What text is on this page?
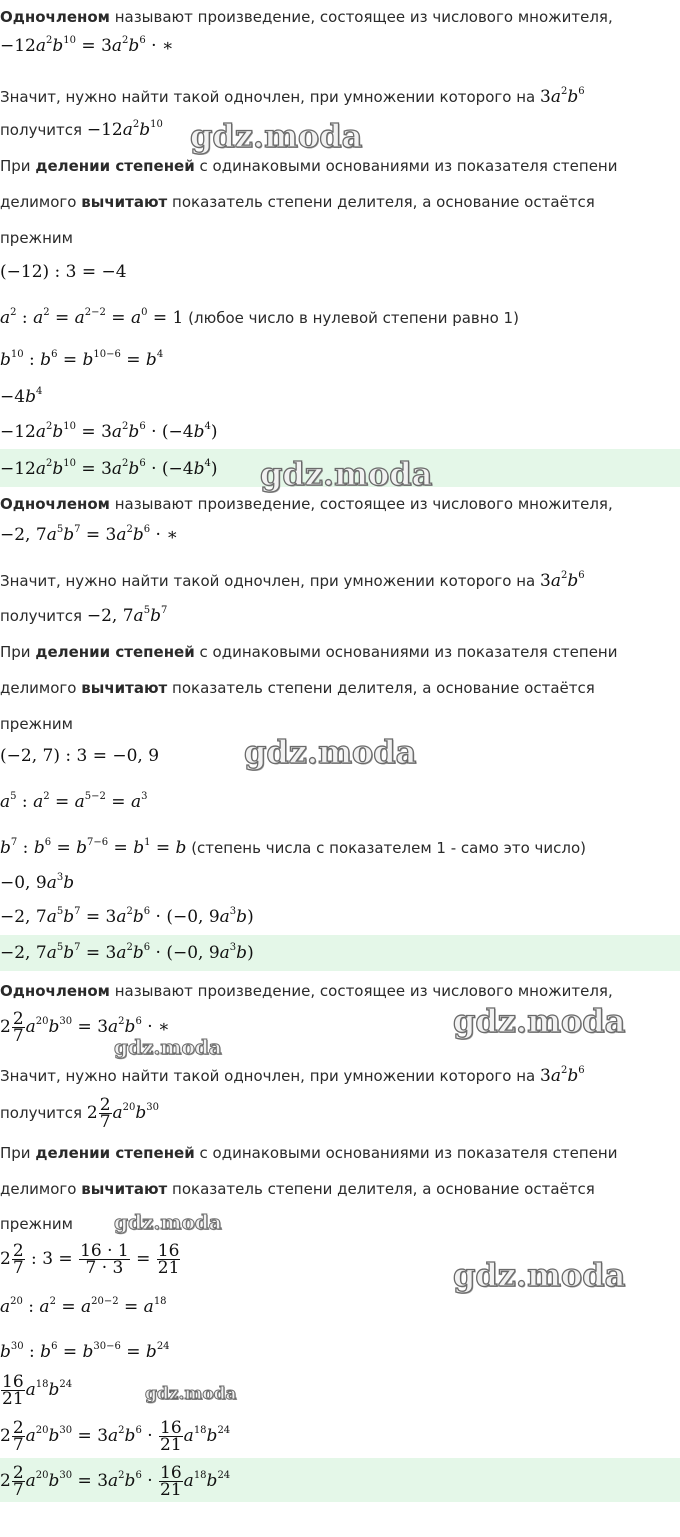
Одночленом называют произведение, состоящее из числового множителя,
$-12a^2b^{10} = 3a^2b^6$ · ∗
Значит, нужно найти такой одночлен, при умножении которого на $3a^2b^6$
получится $-12a^2b^{10}$
При делении степеней с одинаковыми основаниями из показателя степени
делимого вычитают показатель степени делителя, а основание остаётся
прежним
(−12) : 3 = −4
$a^2$ : $a^2 = a^{2-2} = a^0 = 1$ (любое число в нулевой степени равно 1)
$b^{10}$ : $b^6 = b^{10-6} = b^4$
$-4b^4$
$-12a^2b^{10} = 3a^2b^6 \cdot (-4b^4)$
$-12a^2b^{10} = 3a^2b^6 \cdot (-4b^4)$
Одночленом называют произведение, состоящее из числового множителя,
−2, $7a^5b^7 = 3a^2b^6$ · ∗
Значит, нужно найти такой одночлен, при умножении которого на $3a^2b^6$
получится −2, $7a^5b^7$
При делении степеней с одинаковыми основаниями из показателя степени
делимого вычитают показатель степени делителя, а основание остаётся
прежним
(−2, 7) : 3 = −0, 9
$a^5$ : $a^2 = a^{5-2} = a^3$
$b^7$ : $b^6 = b^{7-6} = b^1 = b$ (степень числа с показателем 1 - само это число)
−0, $9a^3b$
−2, $7a^5b^7 = 3a^2b^6 \cdot (-0$, $9a^3b$)
−2, $7a^5b^7 = 3a^2b^6 \cdot (-0$, $9a^3b$)
Одночленом называют произведение, состоящее из числового множителя,
$2 \frac{2}{7} a^{20}b^{30} = 3a^2b^6$ · ∗
Значит, нужно найти такой одночлен, при умножении которого на $3a^2b^6$
получится $2 \frac{2}{7} a^{20}b^{30}$
При делении степеней с одинаковыми основаниями из показателя степени
делимого вычитают показатель степени делителя, а основание остаётся
прежним
$2 \frac{2}{7}$ : $3 = \frac{16 \cdot 1}{7 \cdot 3} = \frac{16}{21}$
$a^{20}$ : $a^2 = a^{20-2} = a^{18}$
$b^{30}$ : $b^6 = b^{30-6} = b^{24}$
$\frac{16}{21} a^{18}b^{24}$
$2 \frac{2}{7} a^{20}b^{30} = 3a^2b^6 \cdot \frac{16}{21} a^{18}b^{24}$
$2 \frac{2}{7} a^{20}b^{30} = 3a^2b^6 \cdot \frac{16}{21} a^{18}b^{24}$
gdz.moda
gdz.moda
gdz.moda
gdz.moda
gdz.moda
gdz.moda
gdz.moda
gdz.moda
